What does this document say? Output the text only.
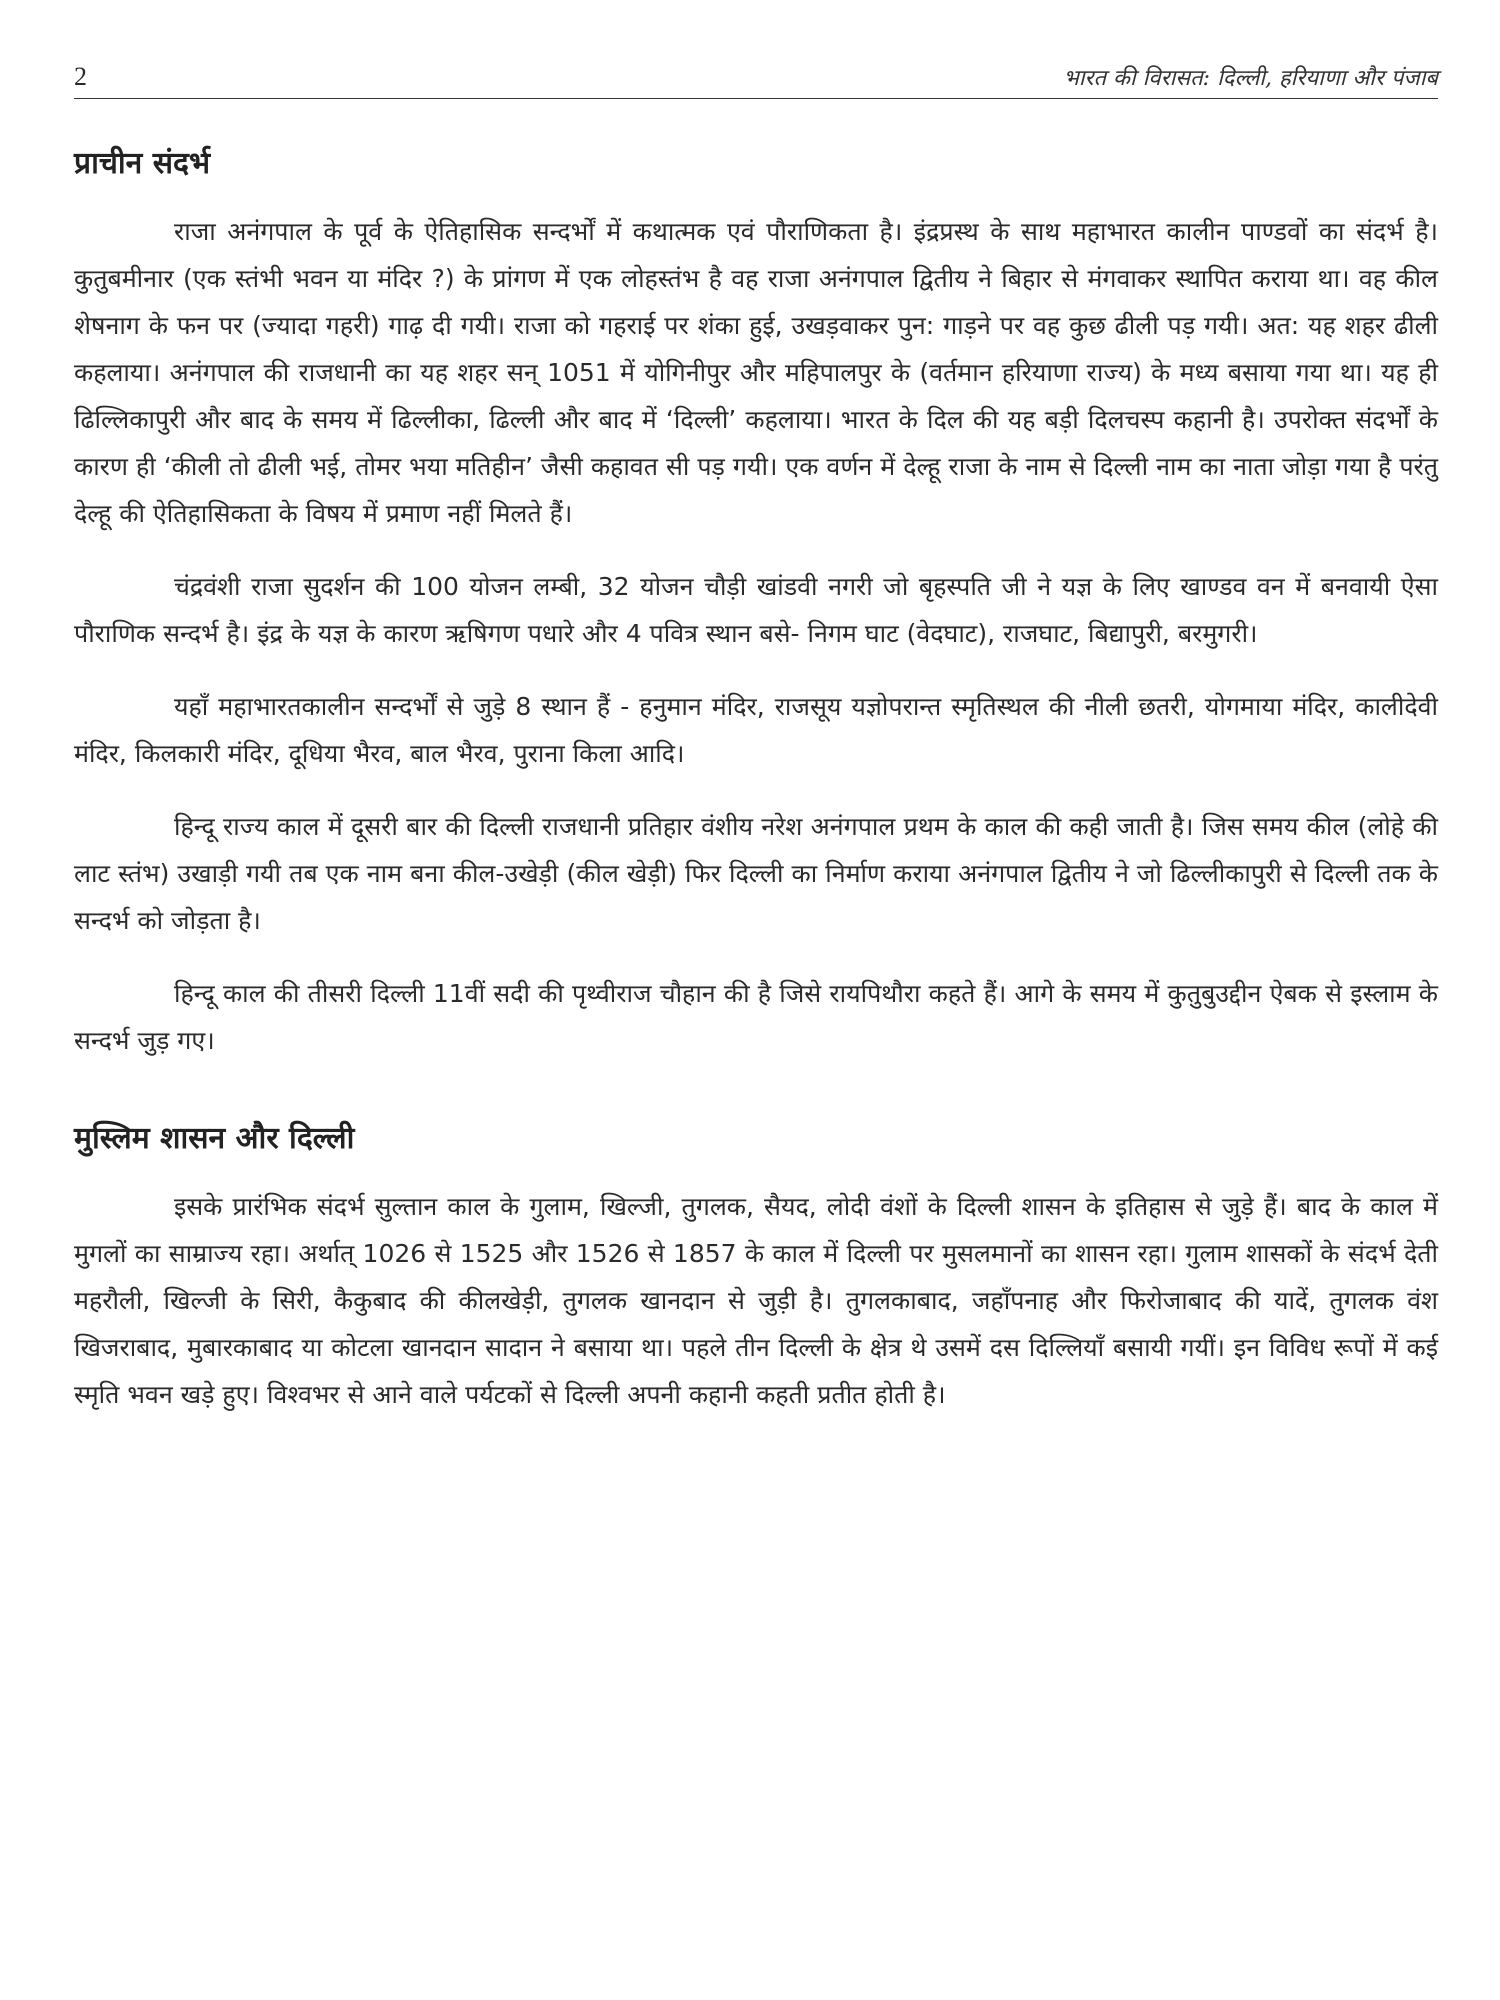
2	भारत की विरासत: दिल्ली, हरियाणा और पंजाब
प्राचीन संदर्भ

राजा अनंगपाल के पूर्व के ऐतिहासिक सन्दर्भों में कथात्मक एवं पौराणिकता है। इंद्रप्रस्थ के साथ महाभारत कालीन पाण्डवों का संदर्भ है। कुतुबमीनार (एक स्तंभी भवन या मंदिर ?) के प्रांगण में एक लोहस्तंभ है वह राजा अनंगपाल द्वितीय ने बिहार से मंगवाकर स्थापित कराया था। वह कील शेषनाग के फन पर (ज्यादा गहरी) गाढ़ दी गयी। राजा को गहराई पर शंका हुई, उखड़वाकर पुन: गाड़ने पर वह कुछ ढीली पड़ गयी। अत: यह शहर ढीली कहलाया। अनंगपाल की राजधानी का यह शहर सन् 1051 में योगिनीपुर और महिपालपुर के (वर्तमान हरियाणा राज्य) के मध्य बसाया गया था। यह ही ढिल्लिकापुरी और बाद के समय में ढिल्लीका, ढिल्ली और बाद में ‘दिल्ली’ कहलाया। भारत के दिल की यह बड़ी दिलचस्प कहानी है। उपरोक्त संदर्भों के कारण ही ‘कीली तो ढीली भई, तोमर भया मतिहीन’ जैसी कहावत सी पड़ गयी। एक वर्णन में देल्हू राजा के नाम से दिल्ली नाम का नाता जोड़ा गया है परंतु देल्हू की ऐतिहासिकता के विषय में प्रमाण नहीं मिलते हैं।

चंद्रवंशी राजा सुदर्शन की 100 योजन लम्बी, 32 योजन चौड़ी खांडवी नगरी जो बृहस्पति जी ने यज्ञ के लिए खाण्डव वन में बनवायी ऐसा पौराणिक सन्दर्भ है। इंद्र के यज्ञ के कारण ऋषिगण पधारे और 4 पवित्र स्थान बसे- निगम घाट (वेदघाट), राजघाट, बिद्यापुरी, बरमुगरी।

यहाँ महाभारतकालीन सन्दर्भों से जुड़े 8 स्थान हैं - हनुमान मंदिर, राजसूय यज्ञोपरान्त स्मृतिस्थल की नीली छतरी, योगमाया मंदिर, कालीदेवी मंदिर, किलकारी मंदिर, दूधिया भैरव, बाल भैरव, पुराना किला आदि।

हिन्दू राज्य काल में दूसरी बार की दिल्ली राजधानी प्रतिहार वंशीय नरेश अनंगपाल प्रथम के काल की कही जाती है। जिस समय कील (लोहे की लाट स्तंभ) उखाड़ी गयी तब एक नाम बना कील-उखेड़ी (कील खेड़ी) फिर दिल्ली का निर्माण कराया अनंगपाल द्वितीय ने जो ढिल्लीकापुरी से दिल्ली तक के सन्दर्भ को जोड़ता है।

हिन्दू काल की तीसरी दिल्ली 11वीं सदी की पृथ्वीराज चौहान की है जिसे रायपिथौरा कहते हैं। आगे के समय में कुतुबुउद्दीन ऐबक से इस्लाम के सन्दर्भ जुड़ गए।

मुस्लिम शासन और दिल्ली

इसके प्रारंभिक संदर्भ सुल्तान काल के गुलाम, खिल्जी, तुगलक, सैयद, लोदी वंशों के दिल्ली शासन के इतिहास से जुड़े हैं। बाद के काल में मुगलों का साम्राज्य रहा। अर्थात् 1026 से 1525 और 1526 से 1857 के काल में दिल्ली पर मुसलमानों का शासन रहा। गुलाम शासकों के संदर्भ देती महरौली, खिल्जी के सिरी, कैकुबाद की कीलखेड़ी, तुगलक खानदान से जुड़ी है। तुगलकाबाद, जहाँपनाह और फिरोजाबाद की यादें, तुगलक वंश खिजराबाद, मुबारकाबाद या कोटला खानदान सादान ने बसाया था। पहले तीन दिल्ली के क्षेत्र थे उसमें दस दिल्लियाँ बसायी गयीं। इन विविध रूपों में कई स्मृति भवन खड़े हुए। विश्वभर से आने वाले पर्यटकों से दिल्ली अपनी कहानी कहती प्रतीत होती है।
